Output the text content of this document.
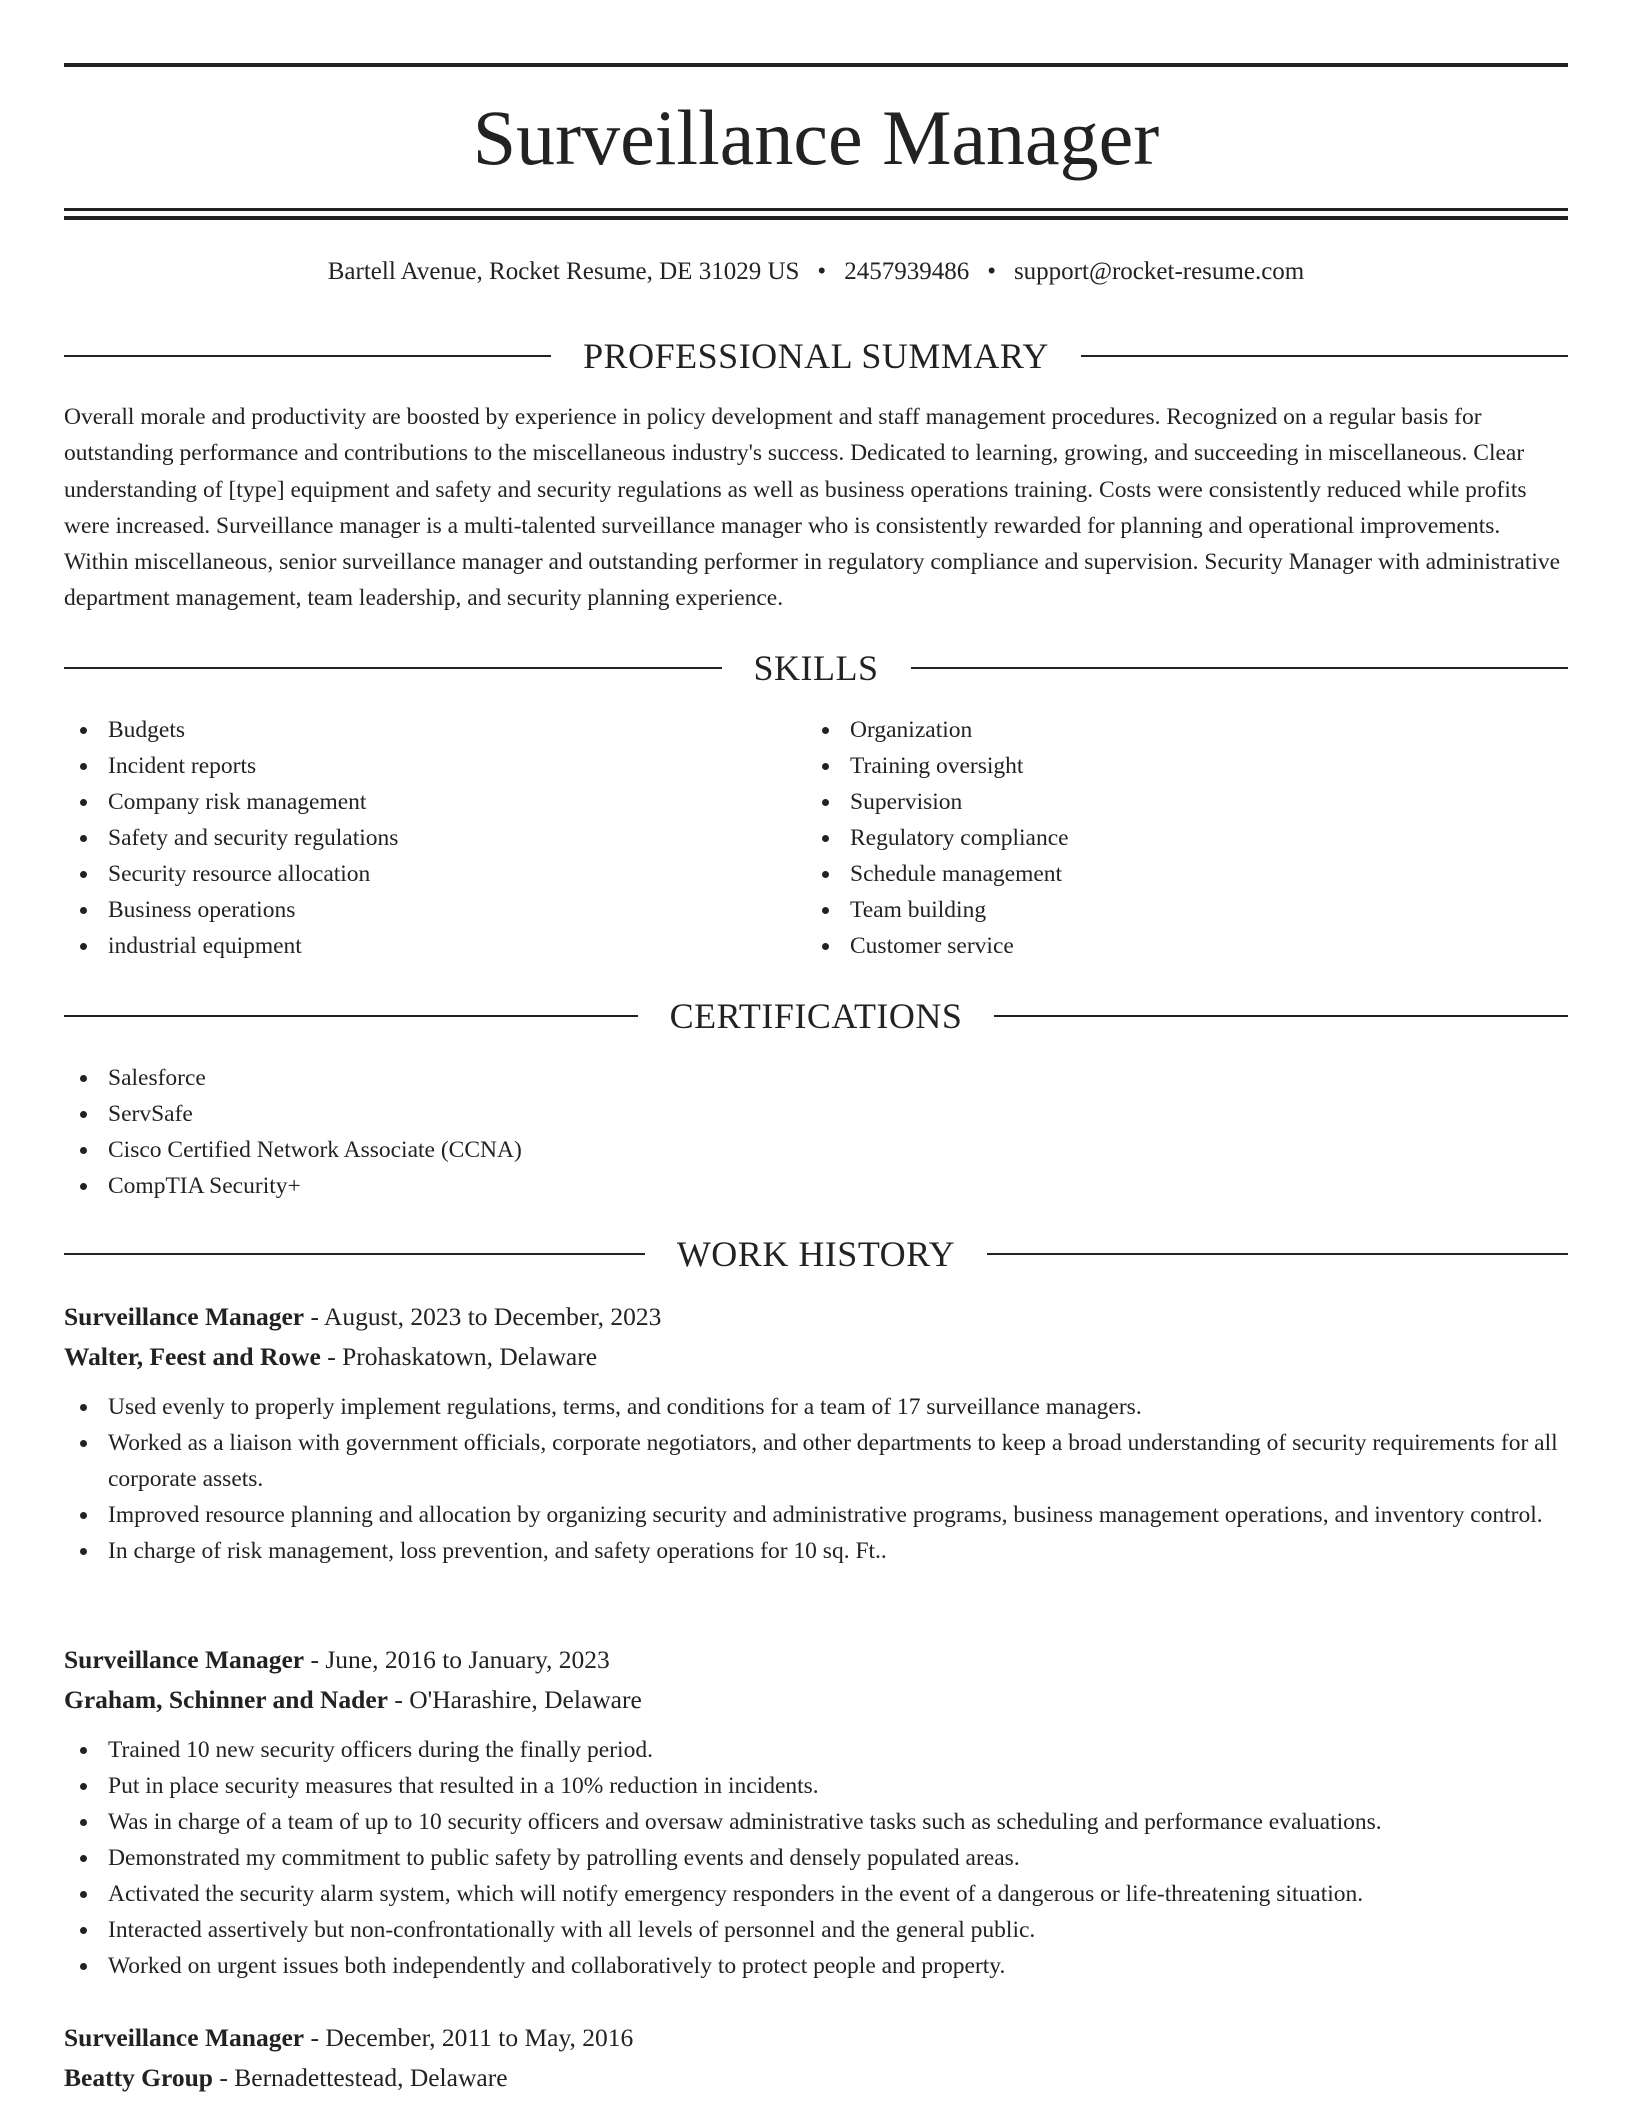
Surveillance Manager
Bartell Avenue, Rocket Resume, DE 31029 US • 2457939486 • support@rocket-resume.com
PROFESSIONAL SUMMARY

Overall morale and productivity are boosted by experience in policy development and staff management procedures. Recognized on a regular basis for outstanding performance and contributions to the miscellaneous industry's success. Dedicated to learning, growing, and succeeding in miscellaneous. Clear understanding of [type] equipment and safety and security regulations as well as business operations training. Costs were consistently reduced while profits were increased. Surveillance manager is a multi-talented surveillance manager who is consistently rewarded for planning and operational improvements. Within miscellaneous, senior surveillance manager and outstanding performer in regulatory compliance and supervision. Security Manager with administrative department management, team leadership, and security planning experience.

SKILLS
Budgets
Incident reports
Company risk management
Safety and security regulations
Security resource allocation
Business operations
industrial equipment
Organization
Training oversight
Supervision
Regulatory compliance
Schedule management
Team building
Customer service
CERTIFICATIONS
Salesforce
ServSafe
Cisco Certified Network Associate (CCNA)
CompTIA Security+
WORK HISTORY
Surveillance Manager - August, 2023 to December, 2023
Walter, Feest and Rowe - Prohaskatown, Delaware
Used evenly to properly implement regulations, terms, and conditions for a team of 17 surveillance managers.
Worked as a liaison with government officials, corporate negotiators, and other departments to keep a broad understanding of security requirements for all corporate assets.
Improved resource planning and allocation by organizing security and administrative programs, business management operations, and inventory control.
In charge of risk management, loss prevention, and safety operations for 10 sq. Ft..
Surveillance Manager - June, 2016 to January, 2023
Graham, Schinner and Nader - O'Harashire, Delaware
Trained 10 new security officers during the finally period.
Put in place security measures that resulted in a 10% reduction in incidents.
Was in charge of a team of up to 10 security officers and oversaw administrative tasks such as scheduling and performance evaluations.
Demonstrated my commitment to public safety by patrolling events and densely populated areas.
Activated the security alarm system, which will notify emergency responders in the event of a dangerous or life-threatening situation.
Interacted assertively but non-confrontationally with all levels of personnel and the general public.
Worked on urgent issues both independently and collaboratively to protect people and property.
Surveillance Manager - December, 2011 to May, 2016
Beatty Group - Bernadettestead, Delaware
